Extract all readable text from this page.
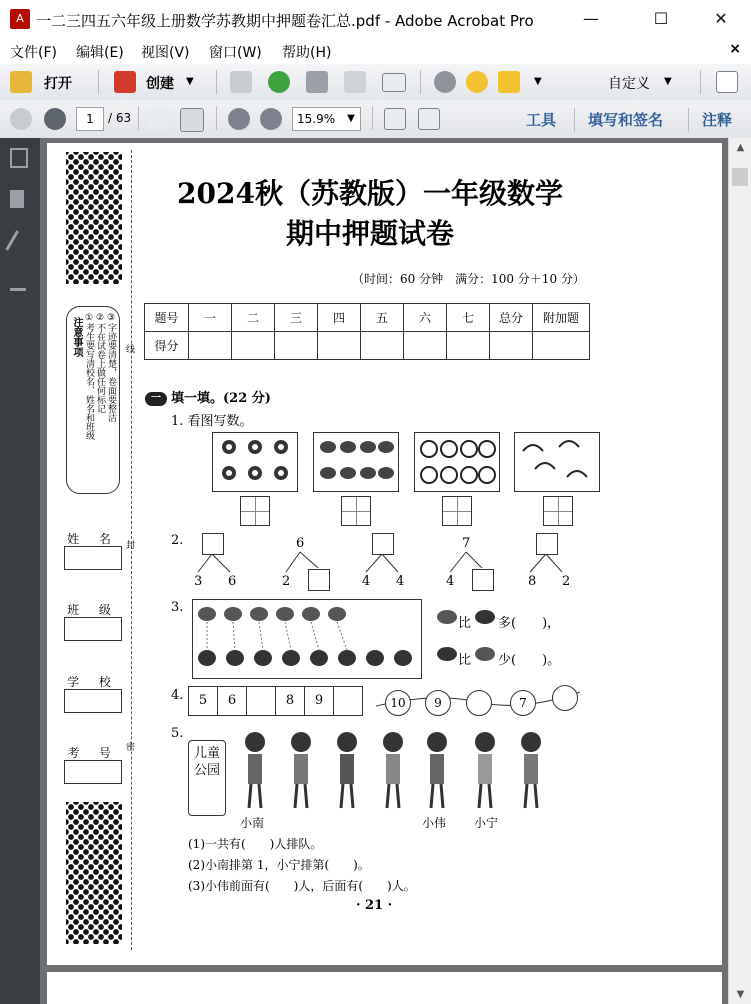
A 一二三四五六年级上册数学苏教期中押题卷汇总.pdf - Adobe Acrobat Pro	—	☐	✕
文件(F) 编辑(E) 视图(V) 窗口(W) 帮助(H)	×
打开	创建 ▼	▼	自定义 ▼
1	/ 63	15.9%	▼	工具 填写和签名	注释
▲
▼
线
封
密
注意事项 ①考生要写清校名、姓名和班级 ②不在试卷上做任何标记 ③字迹要清楚，卷面要整洁
姓 名
班 级
学 校
考 号
2024秋（苏教版）一年级数学
期中押题试卷
（时间：60 分钟　满分：100 分＋10 分）
题号	一	二	三	四	五	六	七	总分	附加题
得分									
一 填一填。(22 分)
1. 看图写数。
2.	6	7
3 6	2	4 4	4	8 2
3.
比 多(　　)，
比 少(　　)。
4.	5	6	8	9	10	9	7
5.
儿童公园
小南	小伟 小宁
(1)一共有(　　)人排队。
(2)小南排第 1，小宁排第(　　)。
(3)小伟前面有(　　)人，后面有(　　)人。
· 21 ·
